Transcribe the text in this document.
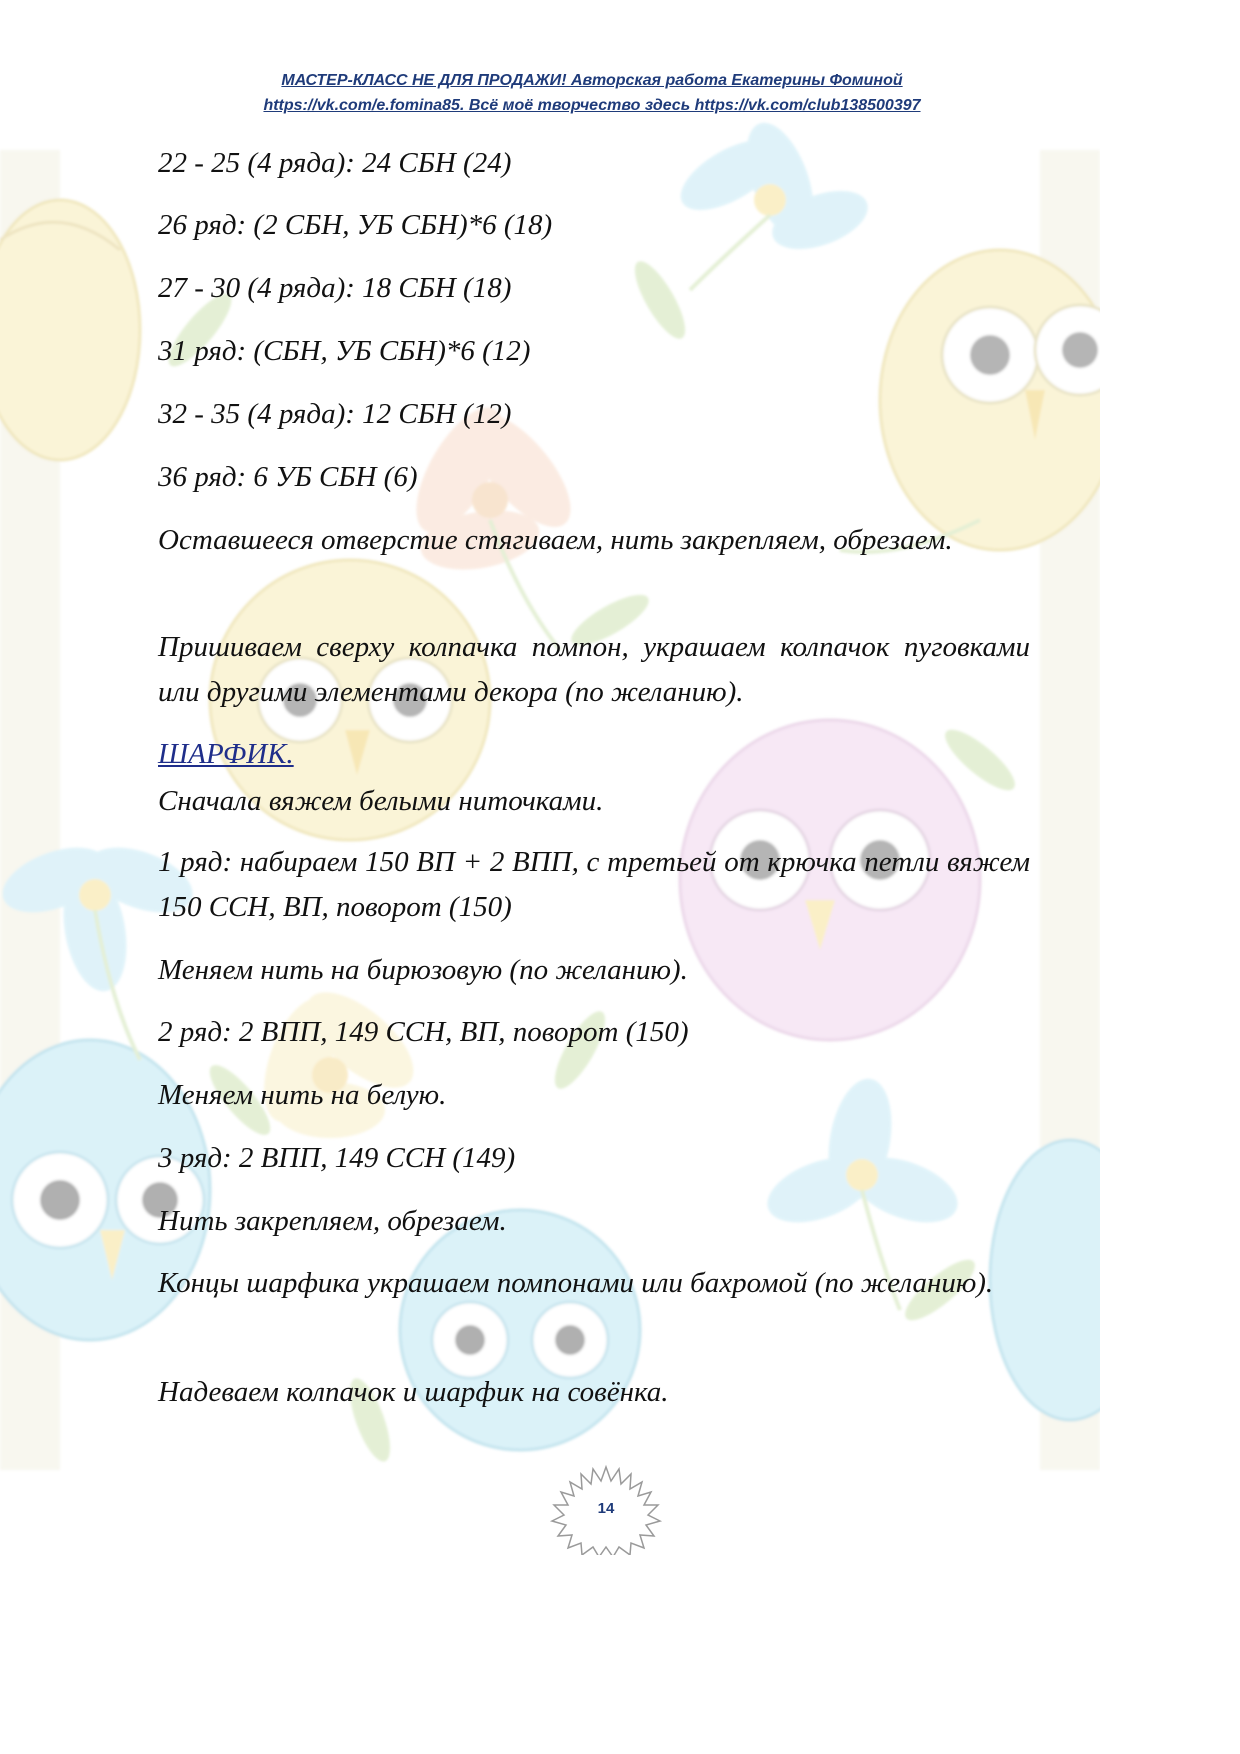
МАСТЕР-КЛАСС НЕ ДЛЯ ПРОДАЖИ! Авторская работа Екатерины Фоминой
https://vk.com/e.fomina85. Всё моё творчество здесь https://vk.com/club138500397
22 - 25 (4 ряда): 24 СБН (24)
26 ряд: (2 СБН, УБ СБН)*6 (18)
27 - 30 (4 ряда): 18 СБН (18)
31 ряд: (СБН, УБ СБН)*6 (12)
32 - 35 (4 ряда): 12 СБН (12)
36 ряд: 6 УБ СБН (6)
Оставшееся отверстие стягиваем, нить закрепляем, обрезаем.
Пришиваем сверху колпачка помпон, украшаем колпачок пуговками или другими элементами декора (по желанию).
ШАРФИК.
Сначала вяжем белыми ниточками.
1 ряд: набираем 150 ВП + 2 ВПП, с третьей от крючка петли вяжем 150 ССН, ВП, поворот (150)
Меняем нить на бирюзовую (по желанию).
2 ряд: 2 ВПП, 149 ССН, ВП, поворот (150)
Меняем нить на белую.
3 ряд: 2 ВПП, 149 ССН (149)
Нить закрепляем, обрезаем.
Концы шарфика украшаем помпонами или бахромой (по желанию).
Надеваем колпачок и шарфик на совёнка.
14
